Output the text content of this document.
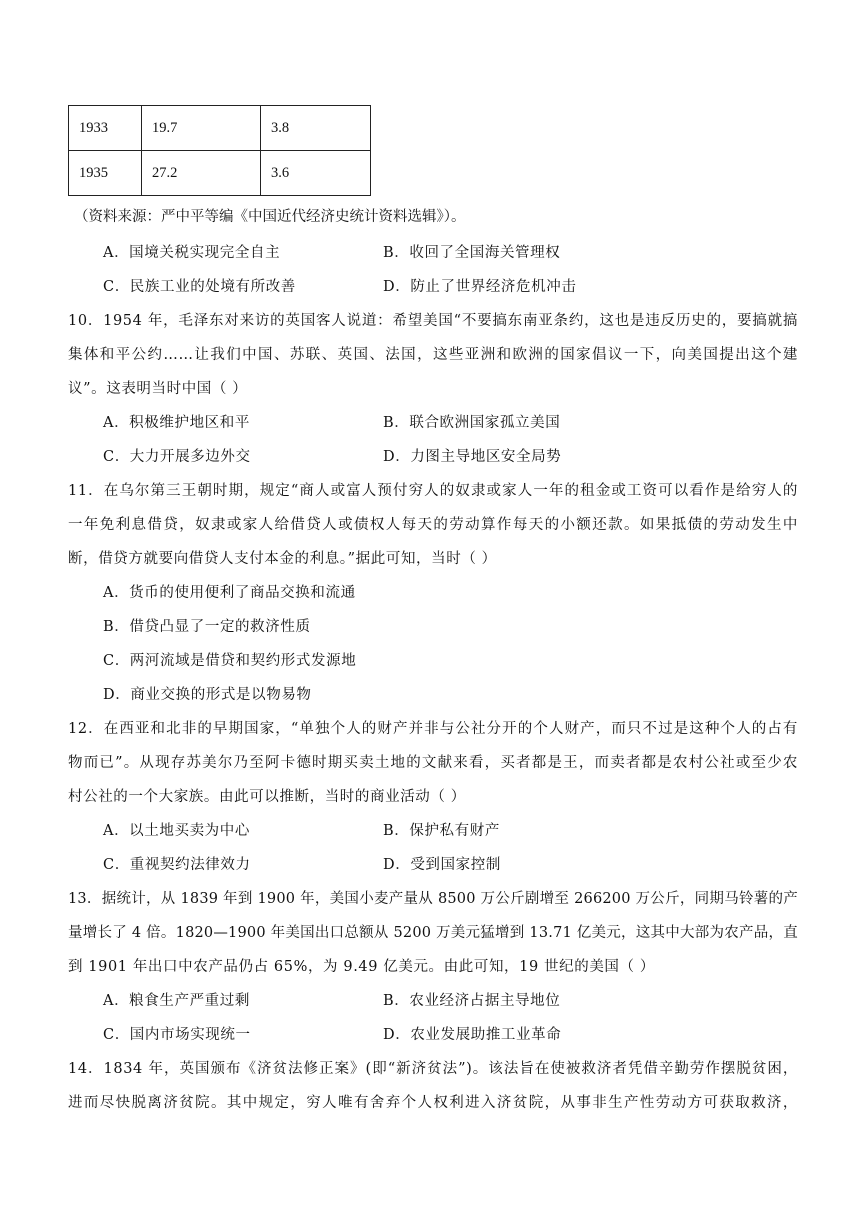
1933	19.7	3.8
1935	27.2	3.6
（资料来源：严中平等编《中国近代经济史统计资料选辑》）。
A．国境关税实现完全自主	B．收回了全国海关管理权
C．民族工业的处境有所改善	D．防止了世界经济危机冲击
10．1954 年，毛泽东对来访的英国客人说道：希望美国“不要搞东南亚条约，这也是违反历史的，要搞就搞
集体和平公约……让我们中国、苏联、英国、法国，这些亚洲和欧洲的国家倡议一下，向美国提出这个建
议”。这表明当时中国（ ）
A．积极维护地区和平	B．联合欧洲国家孤立美国
C．大力开展多边外交	D．力图主导地区安全局势
11．在乌尔第三王朝时期，规定“商人或富人预付穷人的奴隶或家人一年的租金或工资可以看作是给穷人的
一年免利息借贷，奴隶或家人给借贷人或债权人每天的劳动算作每天的小额还款。如果抵债的劳动发生中
断，借贷方就要向借贷人支付本金的利息。”据此可知，当时（ ）
A．货币的使用便利了商品交换和流通
B．借贷凸显了一定的救济性质
C．两河流域是借贷和契约形式发源地
D．商业交换的形式是以物易物
12．在西亚和北非的早期国家，“单独个人的财产并非与公社分开的个人财产，而只不过是这种个人的占有
物而已”。从现存苏美尔乃至阿卡德时期买卖土地的文献来看，买者都是王，而卖者都是农村公社或至少农
村公社的一个大家族。由此可以推断，当时的商业活动（ ）
A．以土地买卖为中心	B．保护私有财产
C．重视契约法律效力	D．受到国家控制
13．据统计，从 1839 年到 1900 年，美国小麦产量从 8500 万公斤剧增至 266200 万公斤，同期马铃薯的产
量增长了 4 倍。1820—1900 年美国出口总额从 5200 万美元猛增到 13.71 亿美元，这其中大部为农产品，直
到 1901 年出口中农产品仍占 65%，为 9.49 亿美元。由此可知，19 世纪的美国（ ）
A．粮食生产严重过剩	B．农业经济占据主导地位
C．国内市场实现统一	D．农业发展助推工业革命
14．1834 年，英国颁布《济贫法修正案》(即“新济贫法”)。该法旨在使被救济者凭借辛勤劳作摆脱贫困，
进而尽快脱离济贫院。其中规定，穷人唯有舍弃个人权利进入济贫院，从事非生产性劳动方可获取救济，
